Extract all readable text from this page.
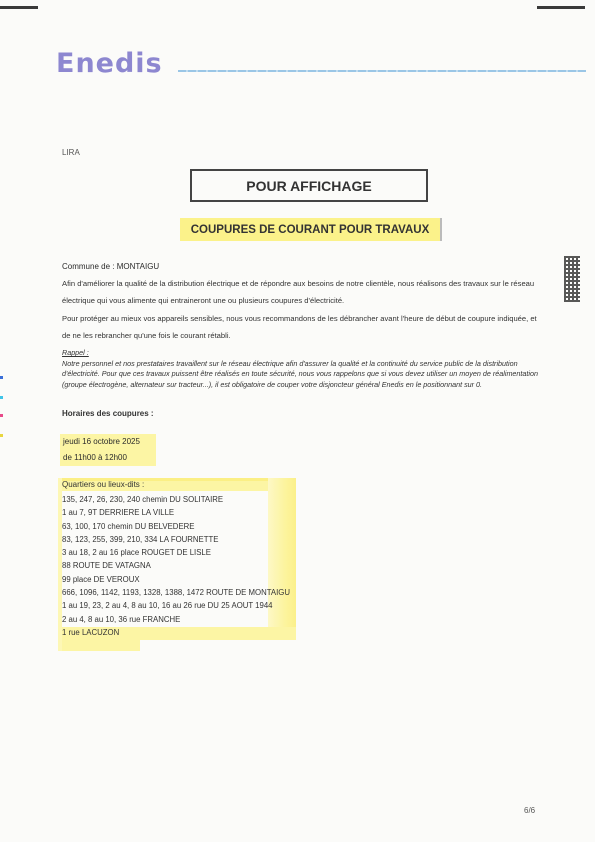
Enedis
LIRA
POUR AFFICHAGE
COUPURES DE COURANT POUR TRAVAUX
Commune de : MONTAIGU
Afin d'améliorer la qualité de la distribution électrique et de répondre aux besoins de notre clientèle, nous réalisons des travaux sur le réseau électrique qui vous alimente qui entraineront une ou plusieurs coupures d'électricité.
Pour protéger au mieux vos appareils sensibles, nous vous recommandons de les débrancher avant l'heure de début de coupure indiquée, et de ne les rebrancher qu'une fois le courant rétabli.
Rappel :
Notre personnel et nos prestataires travaillent sur le réseau électrique afin d'assurer la qualité et la continuité du service public de la distribution d'électricité. Pour que ces travaux puissent être réalisés en toute sécurité, nous vous rappelons que si vous devez utiliser un moyen de réalimentation (groupe électrogène, alternateur sur tracteur...), il est obligatoire de couper votre disjoncteur général Enedis en le positionnant sur 0.
Horaires des coupures :
jeudi 16 octobre 2025
de 11h00 à 12h00
Quartiers ou lieux-dits :
135, 247, 26, 230, 240 chemin DU SOLITAIRE
1 au 7, 9T DERRIERE LA VILLE
63, 100, 170 chemin DU BELVEDERE
83, 123, 255, 399, 210, 334 LA FOURNETTE
3 au 18, 2 au 16 place ROUGET DE LISLE
88 ROUTE DE VATAGNA
99 place DE VEROUX
666, 1096, 1142, 1193, 1328, 1388, 1472 ROUTE DE MONTAIGU
1 au 19, 23, 2 au 4, 8 au 10, 16 au 26 rue DU 25 AOUT 1944
2 au 4, 8 au 10, 36 rue FRANCHE
1 rue LACUZON
6/6
